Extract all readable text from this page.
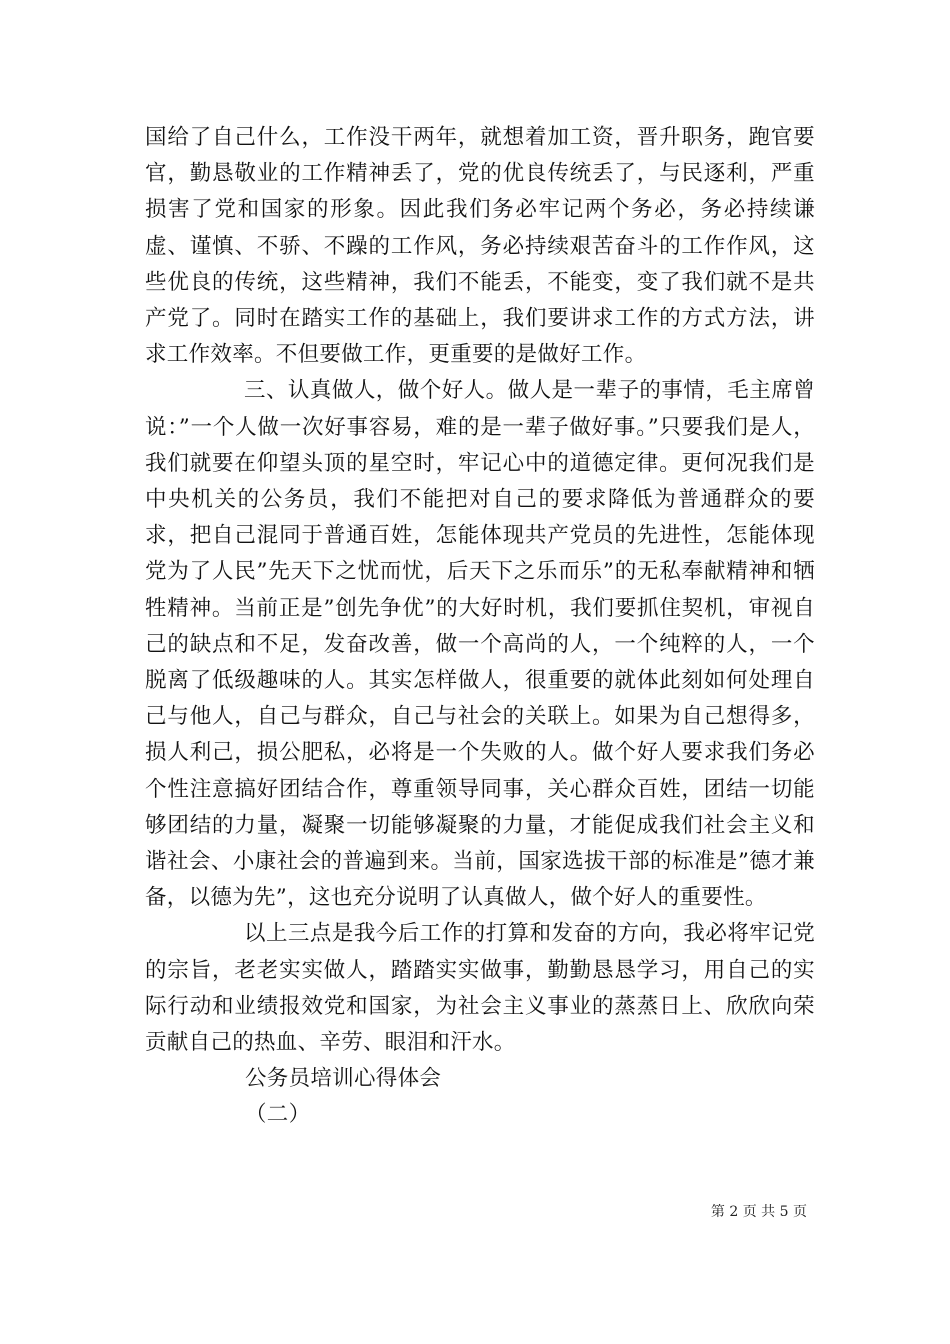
国给了自己什么，工作没干两年，就想着加工资，晋升职务，跑官要官，勤恳敬业的工作精神丢了，党的优良传统丢了，与民逐利，严重损害了党和国家的形象。因此我们务必牢记两个务必，务必持续谦虚、谨慎、不骄、不躁的工作风，务必持续艰苦奋斗的工作作风，这些优良的传统，这些精神，我们不能丢，不能变，变了我们就不是共产党了。同时在踏实工作的基础上，我们要讲求工作的方式方法，讲求工作效率。不但要做工作，更重要的是做好工作。

三、认真做人，做个好人。做人是一辈子的事情，毛主席曾说：”一个人做一次好事容易，难的是一辈子做好事。”只要我们是人，我们就要在仰望头顶的星空时，牢记心中的道德定律。更何况我们是中央机关的公务员，我们不能把对自己的要求降低为普通群众的要求，把自己混同于普通百姓，怎能体现共产党员的先进性，怎能体现党为了人民”先天下之忧而忧，后天下之乐而乐”的无私奉献精神和牺牲精神。当前正是”创先争优”的大好时机，我们要抓住契机，审视自己的缺点和不足，发奋改善，做一个高尚的人，一个纯粹的人，一个脱离了低级趣味的人。其实怎样做人，很重要的就体此刻如何处理自己与他人，自己与群众，自己与社会的关联上。如果为自己想得多，损人利己，损公肥私，必将是一个失败的人。做个好人要求我们务必个性注意搞好团结合作，尊重领导同事，关心群众百姓，团结一切能够团结的力量，凝聚一切能够凝聚的力量，才能促成我们社会主义和谐社会、小康社会的普遍到来。当前，国家选拔干部的标准是”德才兼备，以德为先”，这也充分说明了认真做人，做个好人的重要性。

以上三点是我今后工作的打算和发奋的方向，我必将牢记党的宗旨，老老实实做人，踏踏实实做事，勤勤恳恳学习，用自己的实际行动和业绩报效党和国家，为社会主义事业的蒸蒸日上、欣欣向荣贡献自己的热血、辛劳、眼泪和汗水。

公务员培训心得体会

（二）

第 2 页 共 5 页
